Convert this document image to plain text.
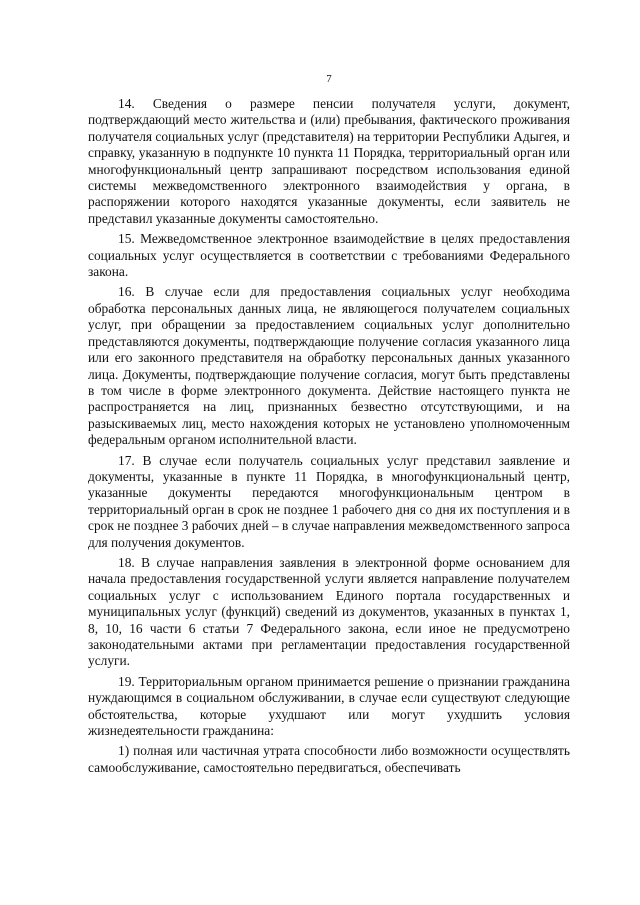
7

14. Сведения о размере пенсии получателя услуги, документ, подтверждающий место жительства и (или) пребывания, фактического проживания получателя социальных услуг (представителя) на территории Республики Адыгея, и справку, указанную в подпункте 10 пункта 11 Порядка, территориальный орган или многофункциональный центр запрашивают посредством использования единой системы межведомственного электронного взаимодействия у органа, в распоряжении которого находятся указанные документы, если заявитель не представил указанные документы самостоятельно.

15. Межведомственное электронное взаимодействие в целях предоставления социальных услуг осуществляется в соответствии с требованиями Федерального закона.

16. В случае если для предоставления социальных услуг необходима обработка персональных данных лица, не являющегося получателем социальных услуг, при обращении за предоставлением социальных услуг дополнительно представляются документы, подтверждающие получение согласия указанного лица или его законного представителя на обработку персональных данных указанного лица. Документы, подтверждающие получение согласия, могут быть представлены в том числе в форме электронного документа. Действие настоящего пункта не распространяется на лиц, признанных безвестно отсутствующими, и на разыскиваемых лиц, место нахождения которых не установлено уполномоченным федеральным органом исполнительной власти.

17. В случае если получатель социальных услуг представил заявление и документы, указанные в пункте 11 Порядка, в многофункциональный центр, указанные документы передаются многофункциональным центром в территориальный орган в срок не позднее 1 рабочего дня со дня их поступления и в срок не позднее 3 рабочих дней – в случае направления межведомственного запроса для получения документов.

18. В случае направления заявления в электронной форме основанием для начала предоставления государственной услуги является направление получателем социальных услуг с использованием Единого портала государственных и муниципальных услуг (функций) сведений из документов, указанных в пунктах 1, 8, 10, 16 части 6 статьи 7 Федерального закона, если иное не предусмотрено законодательными актами при регламентации предоставления государственной услуги.

19. Территориальным органом принимается решение о признании гражданина нуждающимся в социальном обслуживании, в случае если существуют следующие обстоятельства, которые ухудшают или могут ухудшить условия жизнедеятельности гражданина:

1) полная или частичная утрата способности либо возможности осуществлять самообслуживание, самостоятельно передвигаться, обеспечивать
